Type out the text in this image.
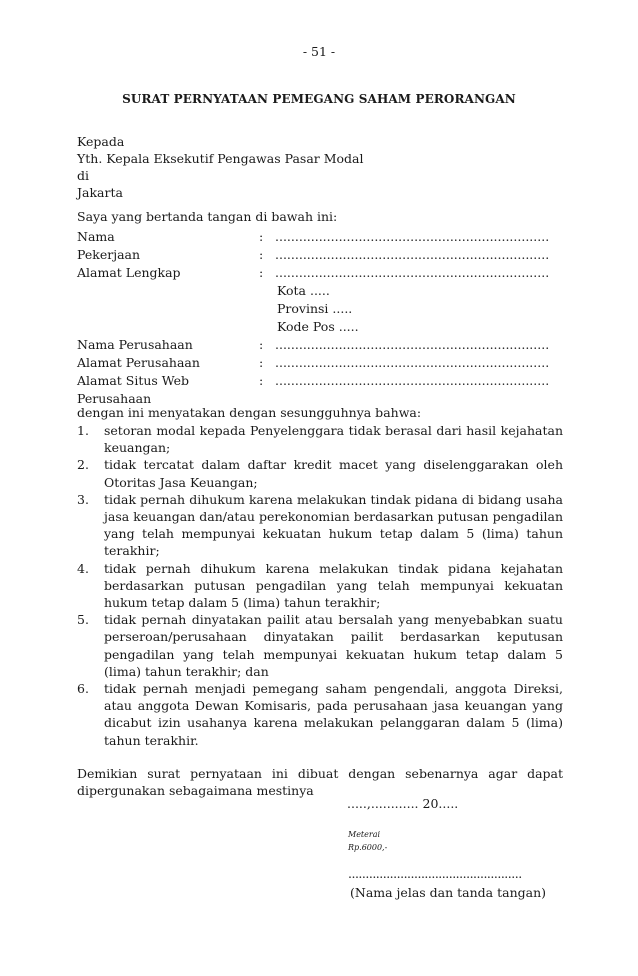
- 51 -
SURAT PERNYATAAN PEMEGANG SAHAM PERORANGAN
Kepada
Yth. Kepala Eksekutif Pengawas Pasar Modal
di
Jakarta
Saya yang bertanda tangan di bawah ini:
Nama	: .....................................................................
Pekerjaan	: .....................................................................
Alamat Lengkap	: .....................................................................
Kota .....
Provinsi .....
Kode Pos .....
Nama Perusahaan	: .....................................................................
Alamat Perusahaan	: .....................................................................
Alamat Situs Web	: .....................................................................
Perusahaan
dengan ini menyatakan dengan sesungguhnya bahwa:
1. setoran modal kepada Penyelenggara tidak berasal dari hasil kejahatan keuangan;
2. tidak tercatat dalam daftar kredit macet yang diselenggarakan oleh Otoritas Jasa Keuangan;
3. tidak pernah dihukum karena melakukan tindak pidana di bidang usaha jasa keuangan dan/atau perekonomian berdasarkan putusan pengadilan yang telah mempunyai kekuatan hukum tetap dalam 5 (lima) tahun terakhir;
4. tidak pernah dihukum karena melakukan tindak pidana kejahatan berdasarkan putusan pengadilan yang telah mempunyai kekuatan hukum tetap dalam 5 (lima) tahun terakhir;
5. tidak pernah dinyatakan pailit atau bersalah yang menyebabkan suatu perseroan/perusahaan dinyatakan pailit berdasarkan keputusan pengadilan yang telah mempunyai kekuatan hukum tetap dalam 5 (lima) tahun terakhir; dan
6. tidak pernah menjadi pemegang saham pengendali, anggota Direksi, atau anggota Dewan Komisaris, pada perusahaan jasa keuangan yang dicabut izin usahanya karena melakukan pelanggaran dalam 5 (lima) tahun terakhir.
Demikian surat pernyataan ini dibuat dengan sebenarnya agar dapat dipergunakan sebagaimana mestinya
.....,............ 20.....
Meterai
Rp.6000,-
..................................................
(Nama jelas dan tanda tangan)
